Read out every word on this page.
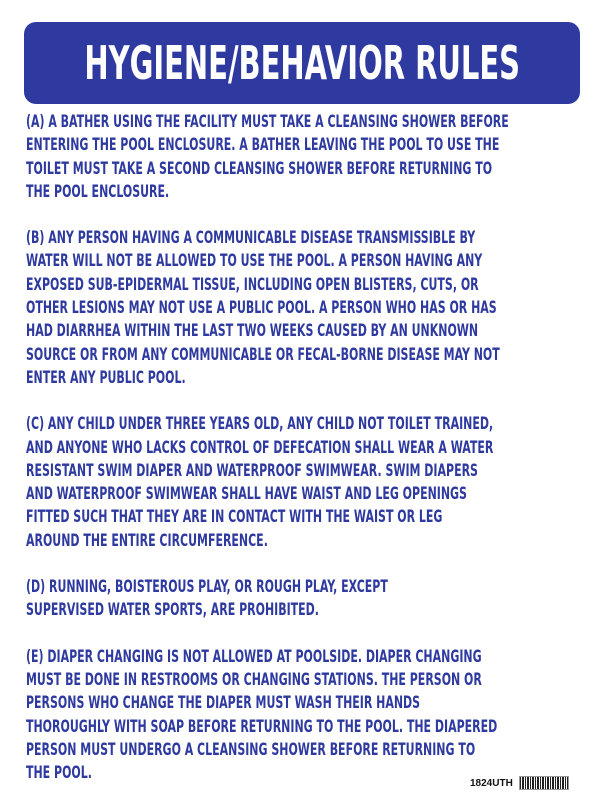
HYGIENE/BEHAVIOR RULES
(A) A BATHER USING THE FACILITY MUST TAKE A CLEANSING SHOWER BEFORE
ENTERING THE POOL ENCLOSURE. A BATHER LEAVING THE POOL TO USE THE
TOILET MUST TAKE A SECOND CLEANSING SHOWER BEFORE RETURNING TO
THE POOL ENCLOSURE.
(B) ANY PERSON HAVING A COMMUNICABLE DISEASE TRANSMISSIBLE BY
WATER WILL NOT BE ALLOWED TO USE THE POOL. A PERSON HAVING ANY
EXPOSED SUB-EPIDERMAL TISSUE, INCLUDING OPEN BLISTERS, CUTS, OR
OTHER LESIONS MAY NOT USE A PUBLIC POOL. A PERSON WHO HAS OR HAS
HAD DIARRHEA WITHIN THE LAST TWO WEEKS CAUSED BY AN UNKNOWN
SOURCE OR FROM ANY COMMUNICABLE OR FECAL-BORNE DISEASE MAY NOT
ENTER ANY PUBLIC POOL.
(C) ANY CHILD UNDER THREE YEARS OLD, ANY CHILD NOT TOILET TRAINED,
AND ANYONE WHO LACKS CONTROL OF DEFECATION SHALL WEAR A WATER
RESISTANT SWIM DIAPER AND WATERPROOF SWIMWEAR. SWIM DIAPERS
AND WATERPROOF SWIMWEAR SHALL HAVE WAIST AND LEG OPENINGS
FITTED SUCH THAT THEY ARE IN CONTACT WITH THE WAIST OR LEG
AROUND THE ENTIRE CIRCUMFERENCE.
(D) RUNNING, BOISTEROUS PLAY, OR ROUGH PLAY, EXCEPT
SUPERVISED WATER SPORTS, ARE PROHIBITED.
(E) DIAPER CHANGING IS NOT ALLOWED AT POOLSIDE. DIAPER CHANGING
MUST BE DONE IN RESTROOMS OR CHANGING STATIONS. THE PERSON OR
PERSONS WHO CHANGE THE DIAPER MUST WASH THEIR HANDS
THOROUGHLY WITH SOAP BEFORE RETURNING TO THE POOL. THE DIAPERED
PERSON MUST UNDERGO A CLEANSING SHOWER BEFORE RETURNING TO
THE POOL.
1824UTH
